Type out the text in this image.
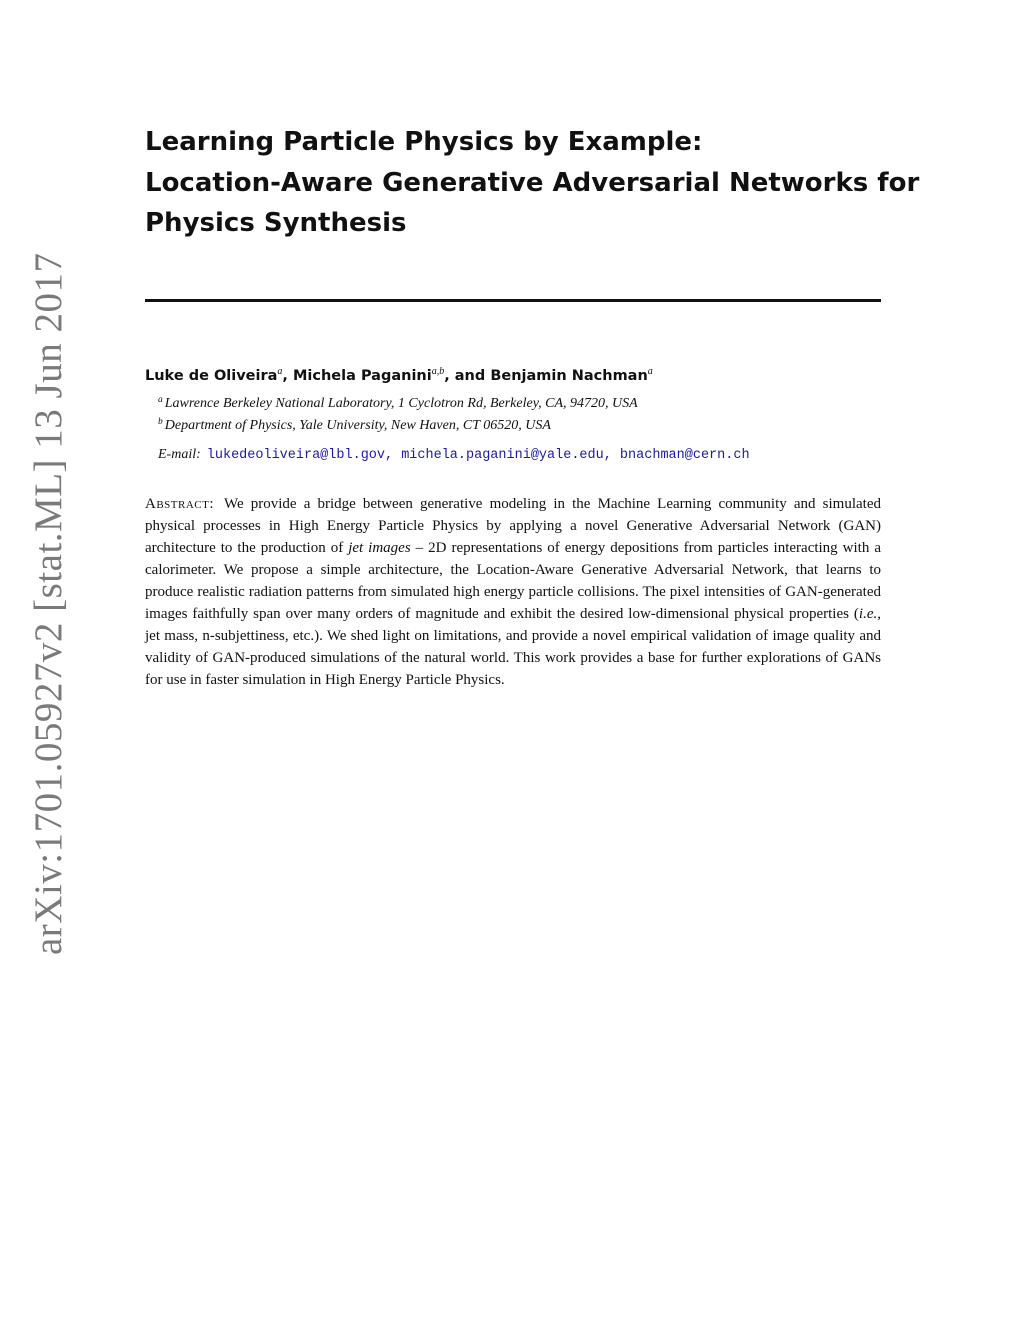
arXiv:1701.05927v2 [stat.ML] 13 Jun 2017
Learning Particle Physics by Example:
Location-Aware Generative Adversarial Networks for
Physics Synthesis
Luke de Oliveira$^a$, Michela Paganini$^{a,b}$, and Benjamin Nachman$^a$
$^a$ Lawrence Berkeley National Laboratory, 1 Cyclotron Rd, Berkeley, CA, 94720, USA
$^b$ Department of Physics, Yale University, New Haven, CT 06520, USA
E-mail: lukedeoliveira@lbl.gov, michela.paganini@yale.edu, bnachman@cern.ch
Abstract: We provide a bridge between generative modeling in the Machine Learning community and simulated physical processes in High Energy Particle Physics by applying a novel Generative Adversarial Network (GAN) architecture to the production of jet images – 2D representations of energy depositions from particles interacting with a calorimeter. We propose a simple architecture, the Location-Aware Generative Adversarial Network, that learns to produce realistic radiation patterns from simulated high energy particle collisions. The pixel intensities of GAN-generated images faithfully span over many orders of magnitude and exhibit the desired low-dimensional physical properties (i.e., jet mass, n-subjettiness, etc.). We shed light on limitations, and provide a novel empirical validation of image quality and validity of GAN-produced simulations of the natural world. This work provides a base for further explorations of GANs for use in faster simulation in High Energy Particle Physics.
